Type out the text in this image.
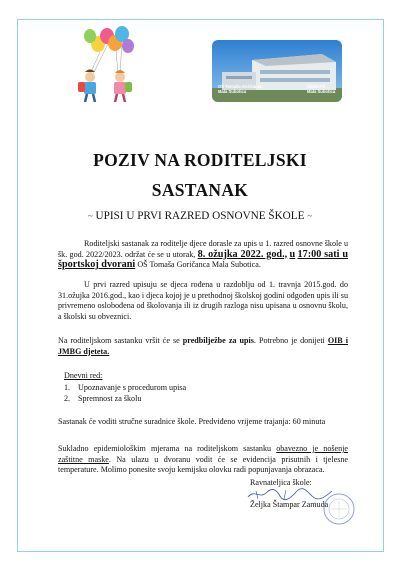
OŠ Tomaša Goričanca
Mala Subotica
Škola PŠ
Mala Subotica
POZIV NA RODITELJSKI
SASTANAK
~ UPISI U PRVI RAZRED OSNOVNE ŠKOLE ~
Roditeljski sastanak za roditelje djece dorasle za upis u 1. razred osnovne škole u šk. god. 2022/2023. održat će se u utorak, 8. ožujka 2022. god., u 17:00 sati u športskoj dvorani OŠ Tomaša Goričanca Mala Subotica.
U prvi razred upisuju se djeca rođena u razdoblju od 1. travnja 2015.god. do 31.ožujka 2016.god., kao i djeca kojoj je u prethodnoj školskoj godini odgođen upis ili su privremeno oslobođena od školovanja ili iz drugih razloga nisu upisana u osnovnu školu, a školski su obveznici.
Na roditeljskom sastanku vršit će se predbilježbe za upis. Potrebno je donijeti OIB i JMBG djeteta.
Dnevni red:
1. Upoznavanje s procedurom upisa
2. Spremnost za školu
Sastanak će voditi stručne suradnice škole. Predviđeno vrijeme trajanja: 60 minuta
Sukladno epidemiološkim mjerama na roditeljskom sastanku obavezno je nošenje zaštitne maske. Na ulazu u dvoranu vodit će se evidencija prisutnih i tjelesne temperature. Molimo ponesite svoju kemijsku olovku radi popunjavanja obrazaca.
Ravnateljica škole:
Željka Štampar Zamuda
